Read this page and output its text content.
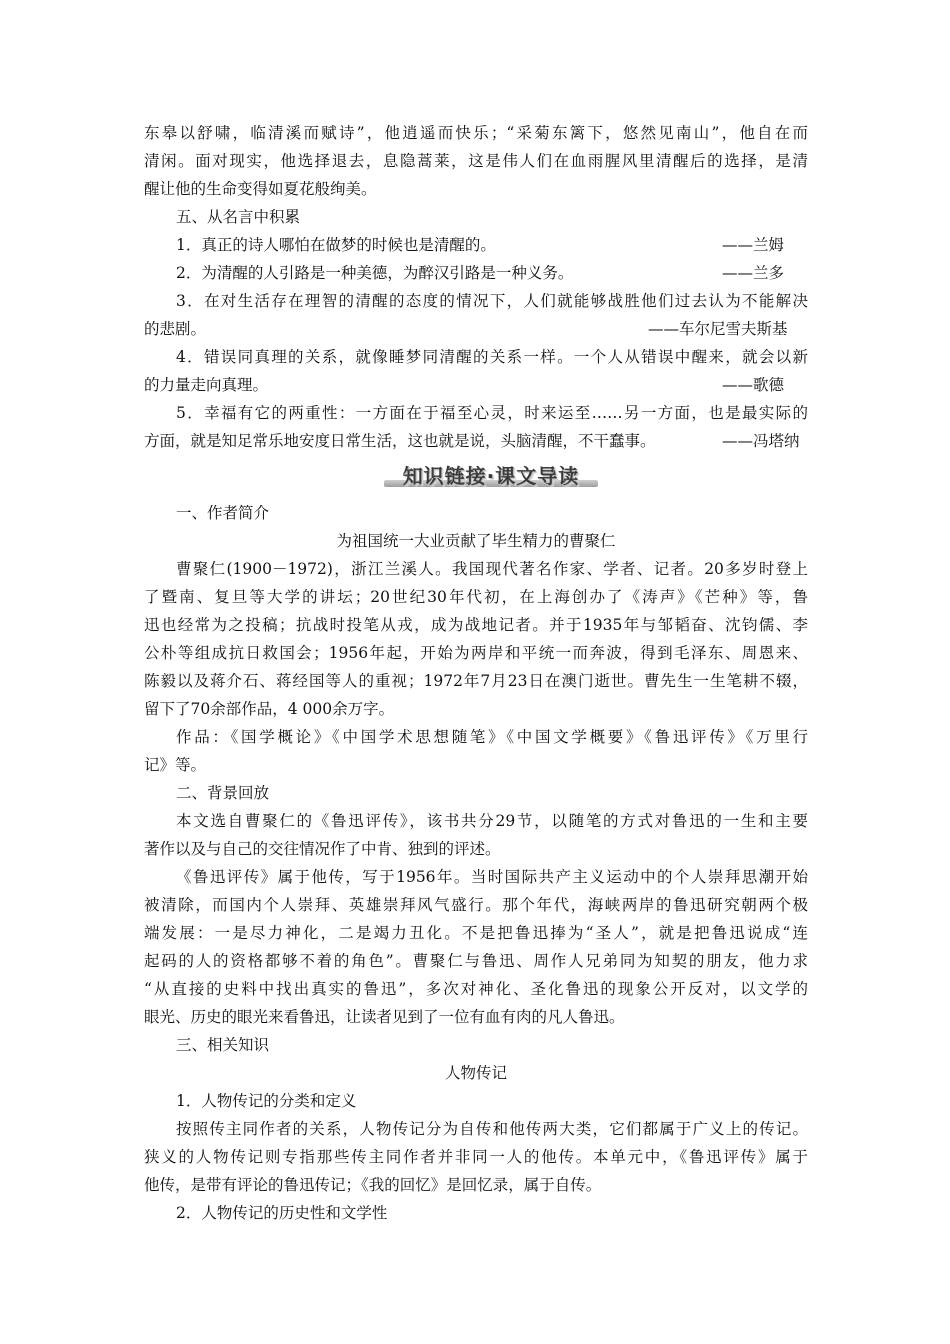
东皋以舒啸，临清溪而赋诗”，他逍遥而快乐；“采菊东篱下，悠然见南山”，他自在而
清闲。面对现实，他选择退去，息隐蒿莱，这是伟人们在血雨腥风里清醒后的选择，是清
醒让他的生命变得如夏花般绚美。
五、从名言中积累
1．真正的诗人哪怕在做梦的时候也是清醒的。	——兰姆
2．为清醒的人引路是一种美德，为醉汉引路是一种义务。	——兰多
3．在对生活存在理智的清醒的态度的情况下，人们就能够战胜他们过去认为不能解决
的悲剧。	——车尔尼雪夫斯基
4．错误同真理的关系，就像睡梦同清醒的关系一样。一个人从错误中醒来，就会以新
的力量走向真理。	——歌德
5．幸福有它的两重性：一方面在于福至心灵，时来运至……另一方面，也是最实际的
方面，就是知足常乐地安度日常生活，这也就是说，头脑清醒，不干蠢事。	——冯塔纳
知识链接·课文导读
一、作者简介
为祖国统一大业贡献了毕生精力的曹聚仁
曹聚仁(1900－1972)，浙江兰溪人。我国现代著名作家、学者、记者。20多岁时登上
了暨南、复旦等大学的讲坛；20世纪30年代初，在上海创办了《涛声》《芒种》等，鲁
迅也经常为之投稿；抗战时投笔从戎，成为战地记者。并于1935年与邹韬奋、沈钧儒、李
公朴等组成抗日救国会；1956年起，开始为两岸和平统一而奔波，得到毛泽东、周恩来、
陈毅以及蒋介石、蒋经国等人的重视；1972年7月23日在澳门逝世。曹先生一生笔耕不辍，
留下了70余部作品，4 000余万字。
作品：《国学概论》《中国学术思想随笔》《中国文学概要》《鲁迅评传》《万里行
记》等。
二、背景回放
本文选自曹聚仁的《鲁迅评传》，该书共分29节，以随笔的方式对鲁迅的一生和主要
著作以及与自己的交往情况作了中肯、独到的评述。
《鲁迅评传》属于他传，写于1956年。当时国际共产主义运动中的个人崇拜思潮开始
被清除，而国内个人崇拜、英雄崇拜风气盛行。那个年代，海峡两岸的鲁迅研究朝两个极
端发展：一是尽力神化，二是竭力丑化。不是把鲁迅捧为“圣人”，就是把鲁迅说成“连
起码的人的资格都够不着的角色”。曹聚仁与鲁迅、周作人兄弟同为知契的朋友，他力求
“从直接的史料中找出真实的鲁迅”，多次对神化、圣化鲁迅的现象公开反对，以文学的
眼光、历史的眼光来看鲁迅，让读者见到了一位有血有肉的凡人鲁迅。
三、相关知识
人物传记
1．人物传记的分类和定义
按照传主同作者的关系，人物传记分为自传和他传两大类，它们都属于广义上的传记。
狭义的人物传记则专指那些传主同作者并非同一人的他传。本单元中，《鲁迅评传》属于
他传，是带有评论的鲁迅传记；《我的回忆》是回忆录，属于自传。
2．人物传记的历史性和文学性
